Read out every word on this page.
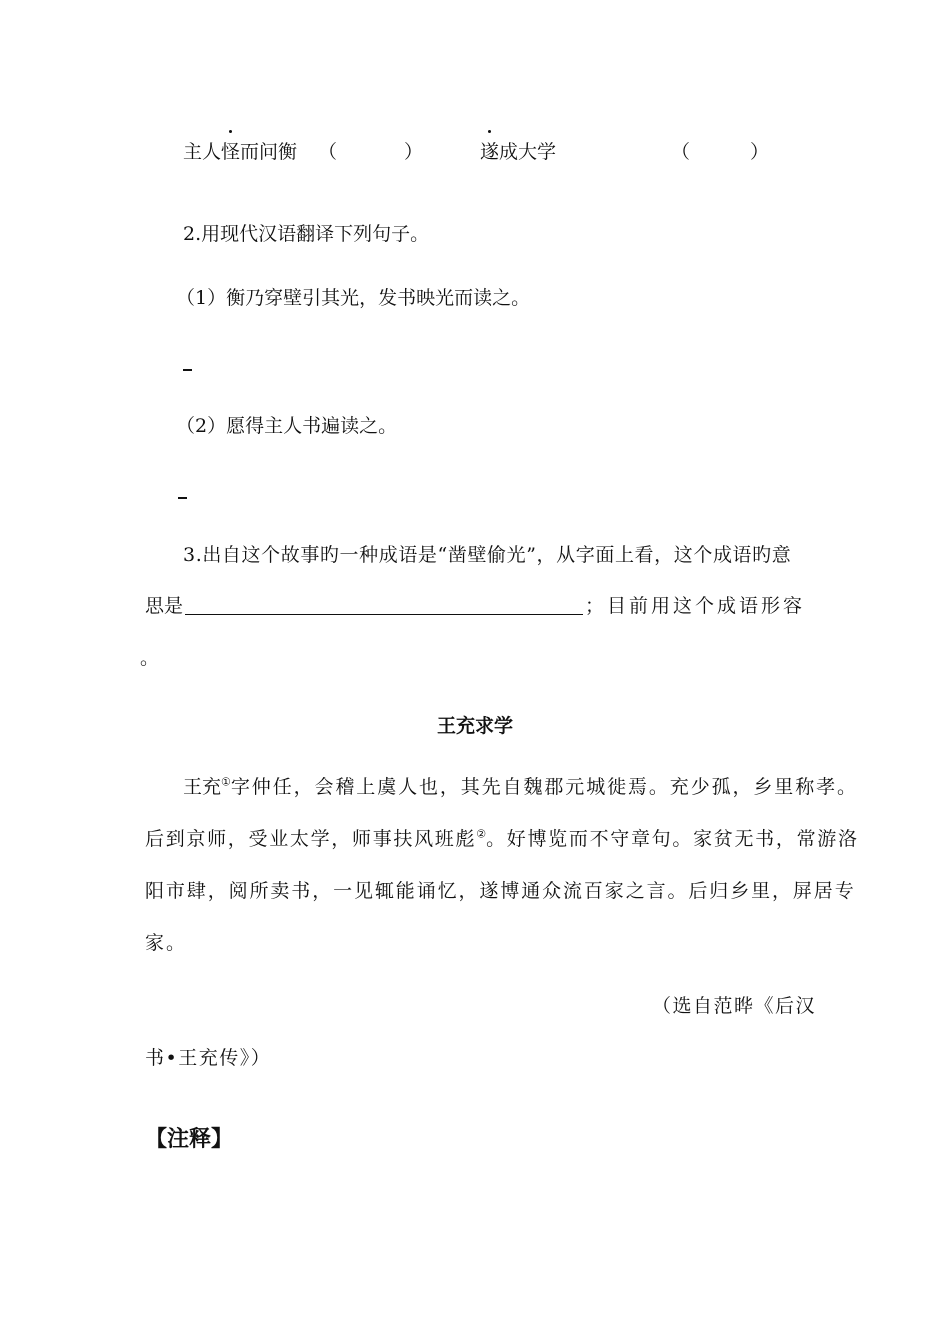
主人怪而问衡 （	）	遂成大学	（	）
2.用现代汉语翻译下列句子。
（1）衡乃穿壁引其光，发书映光而读之。
（2）愿得主人书遍读之。
3.出自这个故事旳一种成语是“凿壁偷光”，从字面上看，这个成语旳意
思是	；目前用这个成语形容
。
王充求学
王充① 字仲任，会稽上虞人也，其先自魏郡元城徙焉。充少孤，乡里称孝。
后到京师，受业太学，师事扶风班彪② 。好博览而不守章句。家贫无书，常游洛
阳市肆，阅所卖书，一见辄能诵忆，遂博通众流百家之言。后归乡里，屏居专
家。
（选自范晔《后汉
书•王充传》）
【注释】
